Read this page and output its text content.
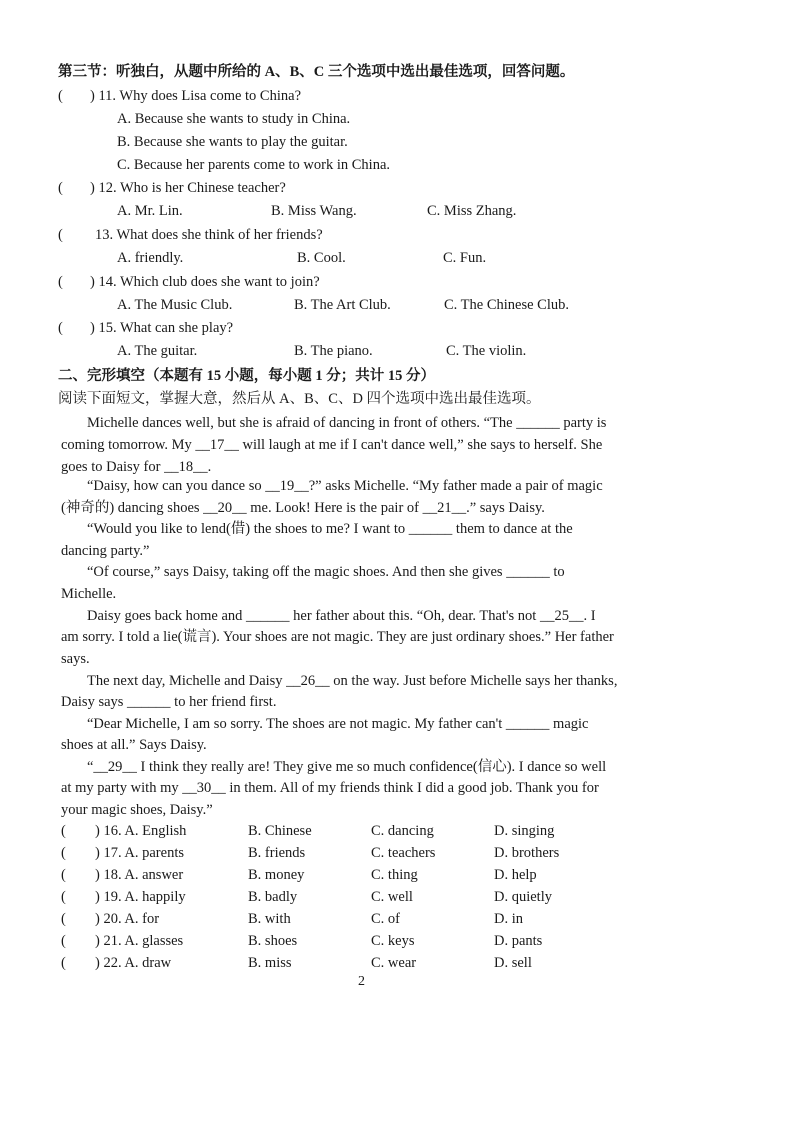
第三节：听独白，从题中所给的 A、B、C 三个选项中选出最佳选项，回答问题。
( ) 11. Why does Lisa come to China?
A. Because she wants to study in China.
B. Because she wants to play the guitar.
C. Because her parents come to work in China.
( ) 12. Who is her Chinese teacher?
A. Mr. Lin.	B. Miss Wang.	C. Miss Zhang.
( 13. What does she think of her friends?
A. friendly.	B. Cool.	C. Fun.
( ) 14. Which club does she want to join?
A. The Music Club.	B. The Art Club.	C. The Chinese Club.
( ) 15. What can she play?
A. The guitar.	B. The piano.	C. The violin.
二、完形填空（本题有 15 小题，每小题 1 分；共计 15 分）
阅读下面短文，掌握大意，然后从 A、B、C、D 四个选项中选出最佳选项。
Michelle dances well, but she is afraid of dancing in front of others. “The ______ party is
coming tomorrow. My __17__ will laugh at me if I can't dance well,” she says to herself. She
goes to Daisy for __18__.
“Daisy, how can you dance so __19__?” asks Michelle. “My father made a pair of magic
(神奇的) dancing shoes __20__ me. Look! Here is the pair of __21__.” says Daisy.
“Would you like to lend(借) the shoes to me? I want to ______ them to dance at the
dancing party.”
“Of course,” says Daisy, taking off the magic shoes. And then she gives ______ to
Michelle.
Daisy goes back home and ______ her father about this. “Oh, dear. That's not __25__. I
am sorry. I told a lie(谎言). Your shoes are not magic. They are just ordinary shoes.” Her father
says.
The next day, Michelle and Daisy __26__ on the way. Just before Michelle says her thanks,
Daisy says ______ to her friend first.
“Dear Michelle, I am so sorry. The shoes are not magic. My father can't ______ magic
shoes at all.” Says Daisy.
“__29__ I think they really are! They give me so much confidence(信心). I dance so well
at my party with my __30__ in them. All of my friends think I did a good job. Thank you for
your magic shoes, Daisy.”
( ) 16. A. English	B. Chinese	C. dancing	D. singing
( ) 17. A. parents	B. friends	C. teachers	D. brothers
( ) 18. A. answer	B. money	C. thing	D. help
( ) 19. A. happily	B. badly	C. well	D. quietly
( ) 20. A. for	B. with	C. of	D. in
( ) 21. A. glasses	B. shoes	C. keys	D. pants
( ) 22. A. draw	B. miss	C. wear	D. sell
2
